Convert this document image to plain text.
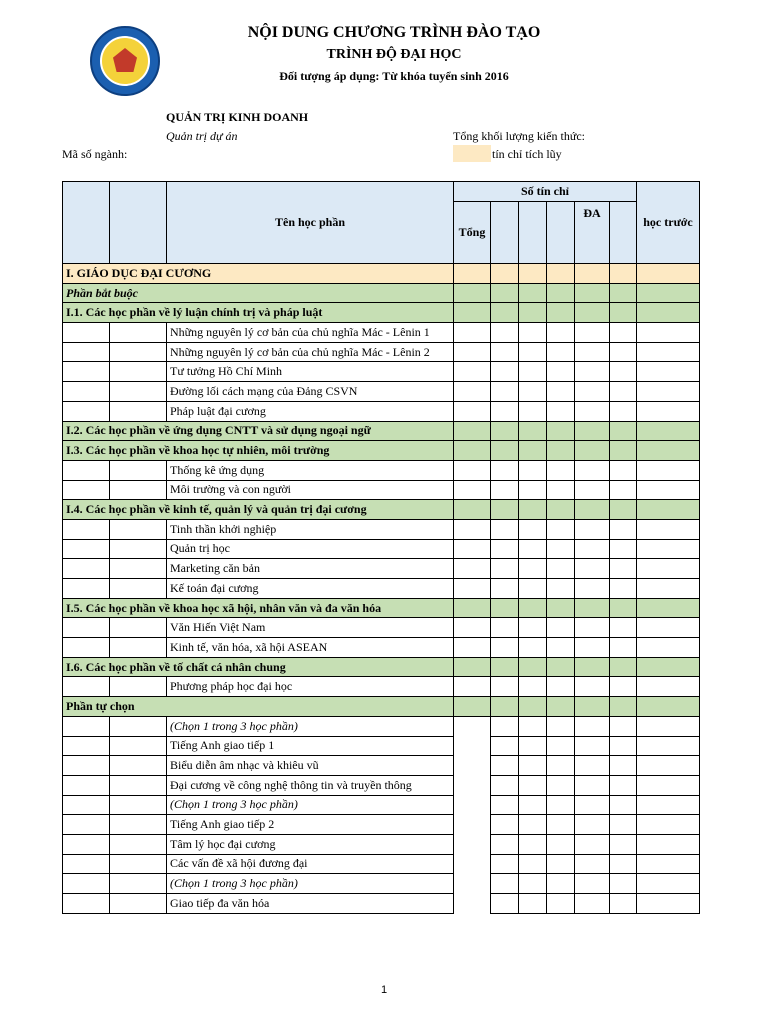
NỘI DUNG CHƯƠNG TRÌNH ĐÀO TẠO
TRÌNH ĐỘ ĐẠI HỌC
Đối tượng áp dụng: Từ khóa tuyển sinh 2016
QUẢN TRỊ KINH DOANH
Quản trị dự án	Tổng khối lượng kiến thức:
Mã số ngành:	tín chỉ tích lũy
		Tên học phần	Số tín chỉ						học trước
			Tổng				ĐA		
I. GIÁO DỤC ĐẠI CƯƠNG									
Phần bắt buộc									
I.1. Các học phần về lý luận chính trị và pháp luật									
		Những nguyên lý cơ bản của chủ nghĩa Mác - Lênin 1							
		Những nguyên lý cơ bản của chủ nghĩa Mác - Lênin 2							
		Tư tưởng Hồ Chí Minh							
		Đường lối cách mạng của Đảng CSVN							
		Pháp luật đại cương							
I.2. Các học phần về ứng dụng CNTT và sử dụng ngoại ngữ									
I.3. Các học phần về khoa học tự nhiên, môi trường									
		Thống kê ứng dụng							
		Môi trường và con người							
I.4. Các học phần về kinh tế, quản lý và quản trị đại cương									
		Tinh thần khởi nghiệp							
		Quản trị học							
		Marketing căn bản							
		Kế toán đại cương							
I.5. Các học phần về khoa học xã hội, nhân văn và đa văn hóa									
		Văn Hiến Việt Nam							
		Kinh tế, văn hóa, xã hội ASEAN							
I.6. Các học phần về tố chất cá nhân chung									
		Phương pháp học đại học							
Phần tự chọn									
		(Chọn 1 trong 3 học phần)							
		Tiếng Anh giao tiếp 1							
		Biểu diễn âm nhạc và khiêu vũ							
		Đại cương về công nghệ thông tin và truyền thông							
		(Chọn 1 trong 3 học phần)							
		Tiếng Anh giao tiếp 2							
		Tâm lý học đại cương							
		Các vấn đề xã hội đương đại							
		(Chọn 1 trong 3 học phần)							
		Giao tiếp đa văn hóa							
1
